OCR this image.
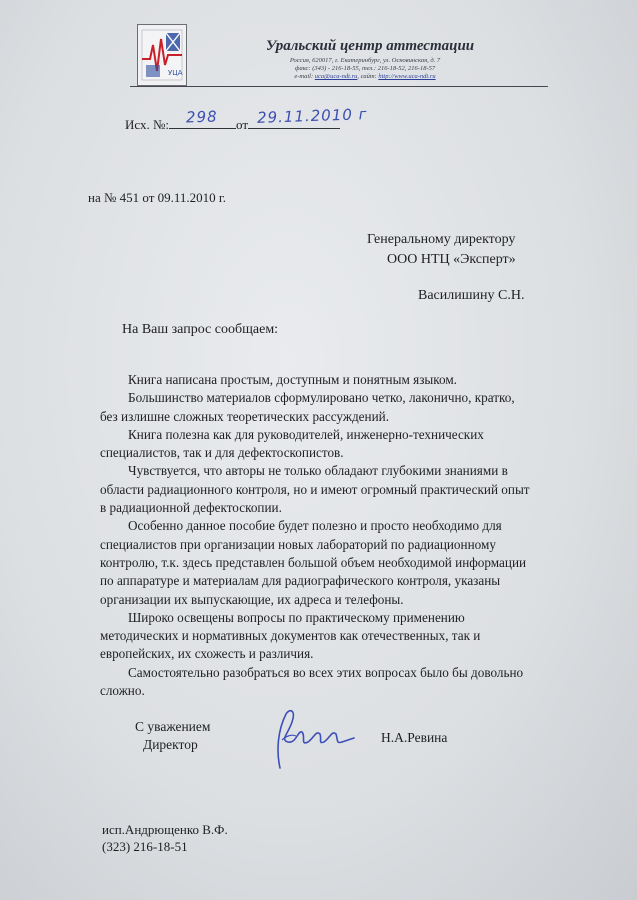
УЦА
Уральский центр аттестации
Россия, 620017, г. Екатеринбург, ул. Основинская, д. 7
факс: (343) - 216-18-55, тел.: 216-18-52, 216-18-57
e-mail: uca@uca-ndt.ru, сайт: http://www.uca-ndt.ru
Исх. №:	от
298	29.11.2010 г
на № 451 от 09.11.2010 г.
Генеральному директору
ООО НТЦ «Эксперт»
Василишину С.Н.
На Ваш запрос сообщаем:
Книга написана простым, доступным и понятным языком.
Большинство материалов сформулировано четко, лаконично, кратко,
без излишне сложных теоретических рассуждений.
Книга полезна как для руководителей, инженерно-технических
специалистов, так и для дефектоскопистов.
Чувствуется, что авторы не только обладают глубокими знаниями в
области радиационного контроля, но и имеют огромный практический опыт
в радиационной дефектоскопии.
Особенно данное пособие будет полезно и просто необходимо для
специалистов при организации новых лабораторий по радиационному
контролю, т.к. здесь представлен большой объем необходимой информации
по аппаратуре и материалам для радиографического контроля, указаны
организации их выпускающие, их адреса и телефоны.
Широко освещены вопросы по практическому применению
методических и нормативных документов как отечественных, так и
европейских, их схожесть и различия.
Самостоятельно разобраться во всех этих вопросах было бы довольно
сложно.
С уважением
Директор	Н.А.Ревина
исп.Андрющенко В.Ф.
(323) 216-18-51
